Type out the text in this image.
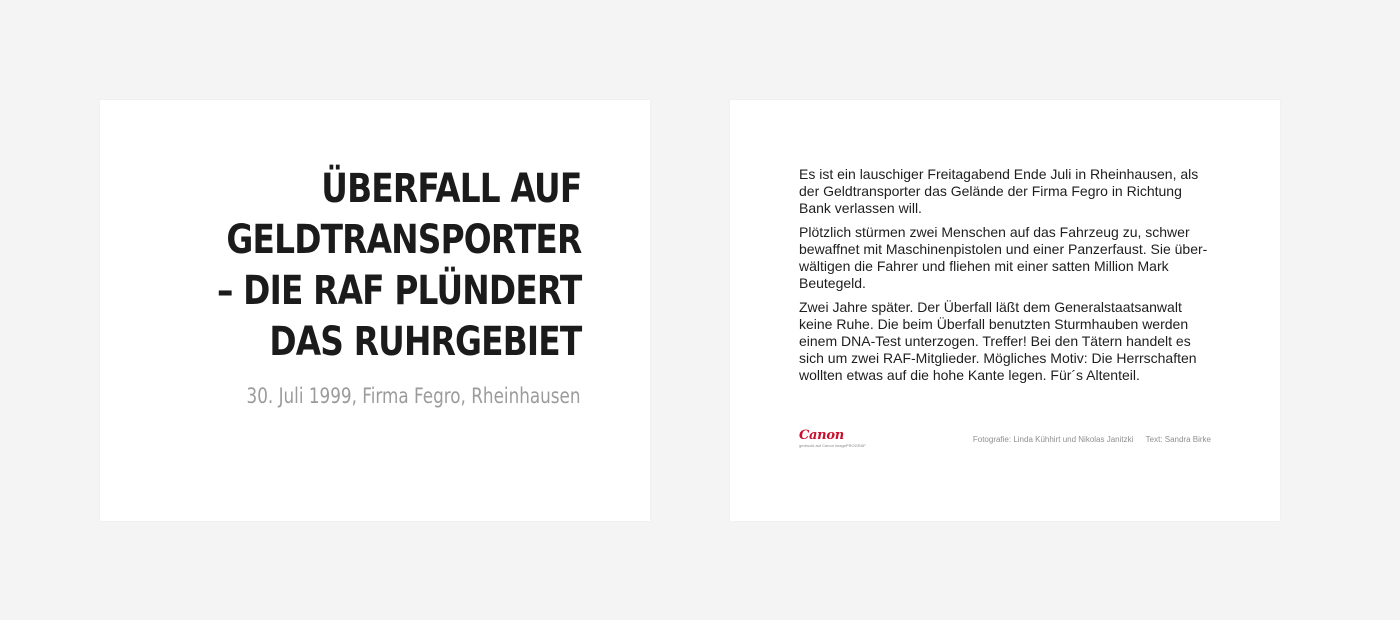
ÜBERFALL AUF
GELDTRANSPORTER
– DIE RAF PLÜNDERT
DAS RUHRGEBIET

30. Juli 1999, Firma Fegro, Rheinhausen

Es ist ein lauschiger Freitagabend Ende Juli in Rheinhausen, als der Geldtransporter das Gelände der Firma Fegro in Richtung Bank verlassen will.

Plötzlich stürmen zwei Menschen auf das Fahrzeug zu, schwer bewaffnet mit Maschinenpistolen und einer Panzerfaust. Sie über-wältigen die Fahrer und fliehen mit einer satten Million Mark Beutegeld.

Zwei Jahre später. Der Überfall läßt dem Generalstaatsanwalt keine Ruhe. Die beim Überfall benutzten Sturmhauben werden einem DNA-Test unterzogen. Treffer! Bei den Tätern handelt es sich um zwei RAF-Mitglieder. Mögliches Motiv: Die Herrschaften wollten etwas auf die hohe Kante legen. Für´s Altenteil.

Canon
gedruckt auf Canon imagePROGRAF
Fotografie: Linda Kühhirt und Nikolas Janitzki Text: Sandra Birke
